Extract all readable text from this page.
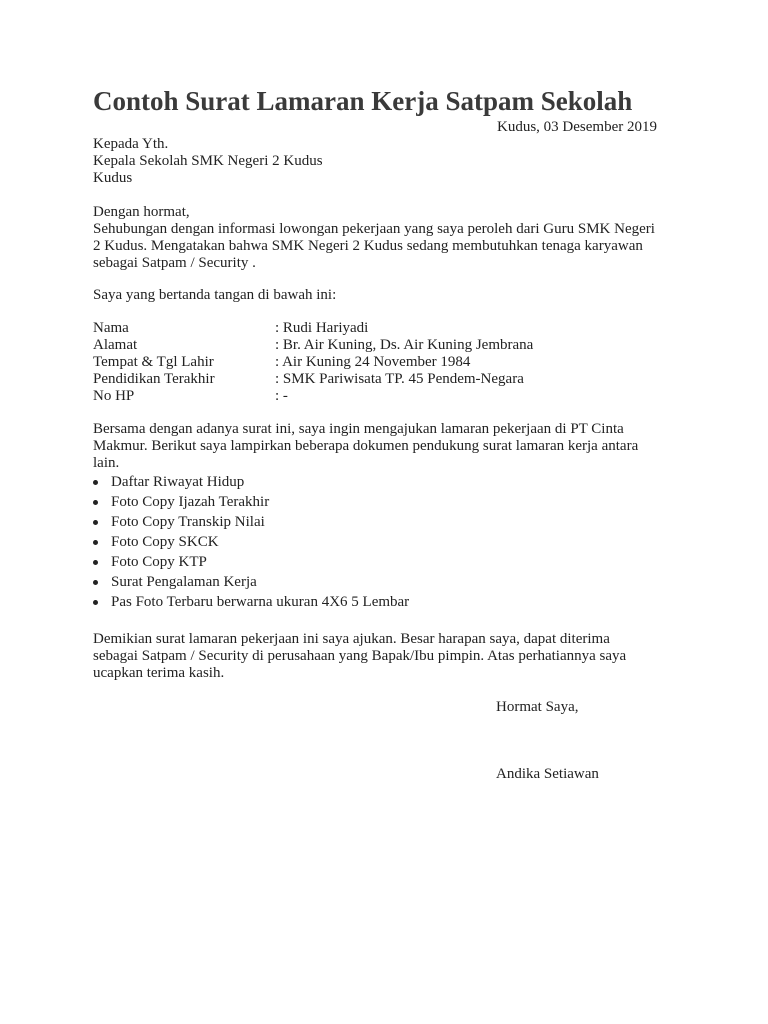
Contoh Surat Lamaran Kerja Satpam Sekolah
Kudus, 03 Desember 2019
Kepada Yth.
Kepala Sekolah SMK Negeri 2 Kudus
Kudus
Dengan hormat,
Sehubungan dengan informasi lowongan pekerjaan yang saya peroleh dari Guru SMK Negeri
2 Kudus. Mengatakan bahwa SMK Negeri 2 Kudus sedang membutuhkan tenaga karyawan
sebagai Satpam / Security .
Saya yang bertanda tangan di bawah ini:
Nama	: Rudi Hariyadi
Alamat	: Br. Air Kuning, Ds. Air Kuning Jembrana
Tempat & Tgl Lahir	: Air Kuning 24 November 1984
Pendidikan Terakhir	: SMK Pariwisata TP. 45 Pendem-Negara
No HP	: -
Bersama dengan adanya surat ini, saya ingin mengajukan lamaran pekerjaan di PT Cinta
Makmur. Berikut saya lampirkan beberapa dokumen pendukung surat lamaran kerja antara
lain.
Daftar Riwayat Hidup
Foto Copy Ijazah Terakhir
Foto Copy Transkip Nilai
Foto Copy SKCK
Foto Copy KTP
Surat Pengalaman Kerja
Pas Foto Terbaru berwarna ukuran 4X6 5 Lembar
Demikian surat lamaran pekerjaan ini saya ajukan. Besar harapan saya, dapat diterima
sebagai Satpam / Security di perusahaan yang Bapak/Ibu pimpin. Atas perhatiannya saya
ucapkan terima kasih.
Hormat Saya,
Andika Setiawan
